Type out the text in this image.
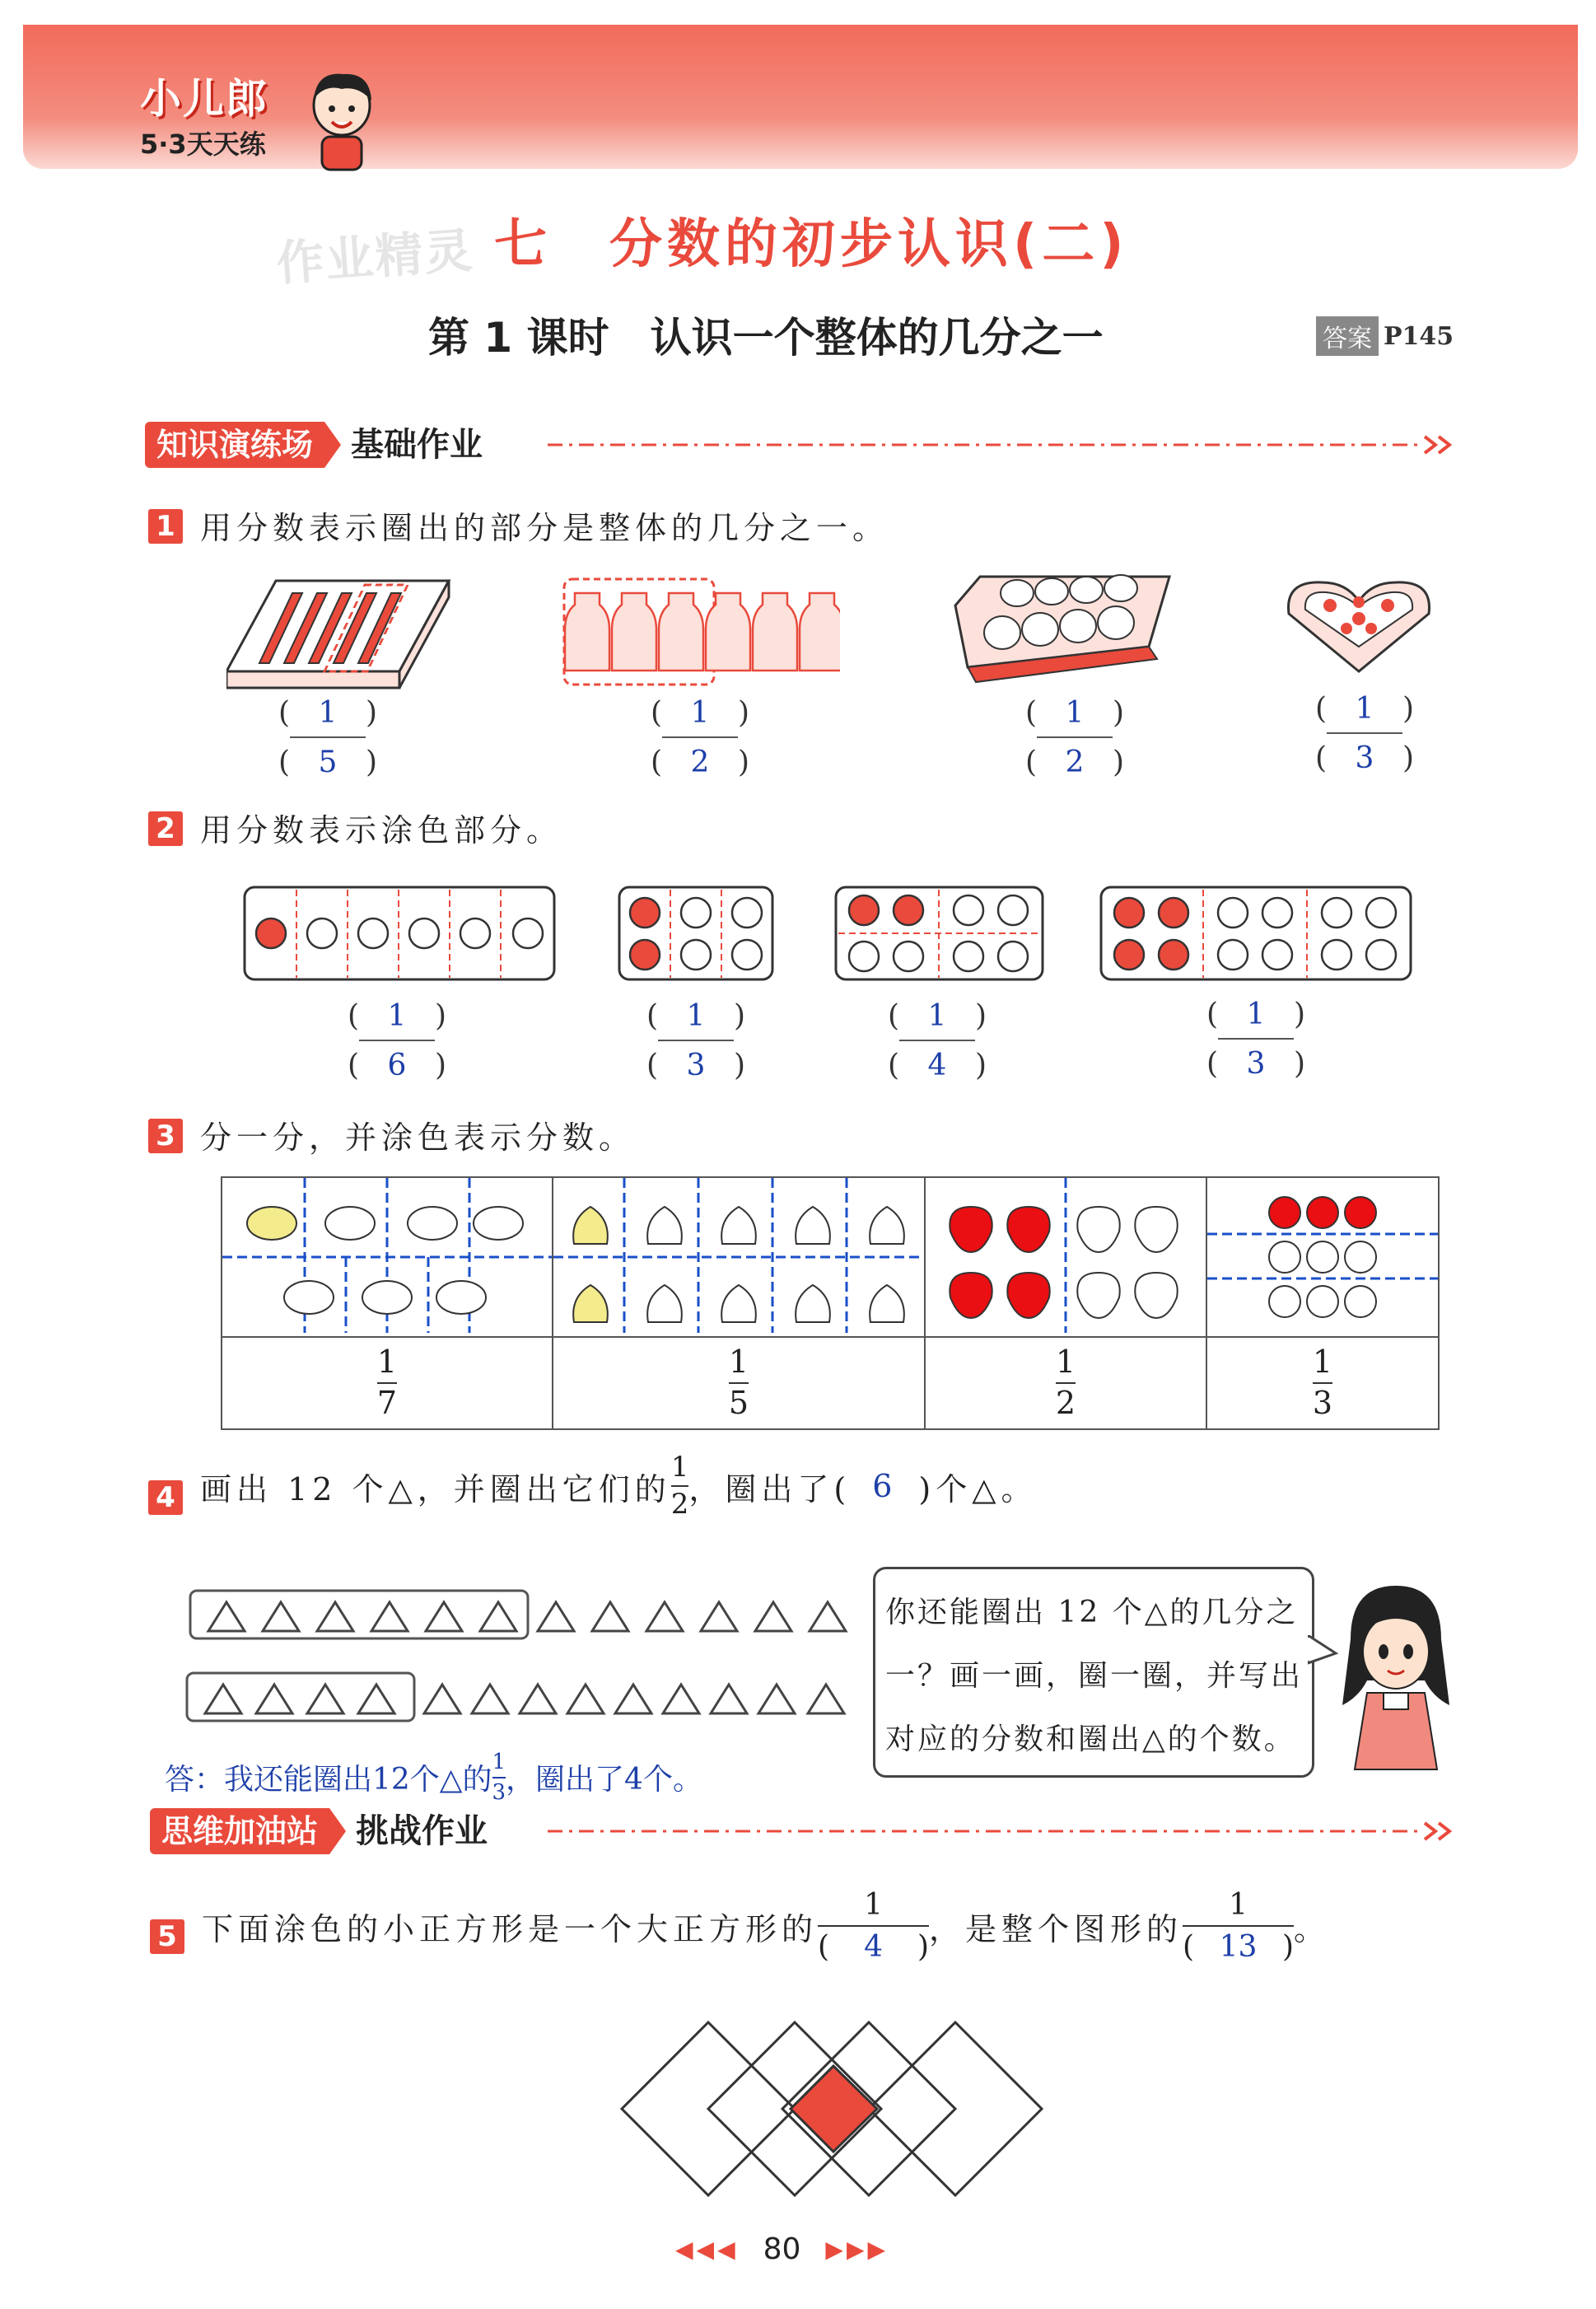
小儿郎
5·3天天练
作业精灵 七　分数的初步认识(二)
第 1 课时　认识一个整体的几分之一	答案 P145
知识演练场	基础作业
1 用分数表示圈出的部分是整体的几分之一。
( 1 )
( 5 )
( 1 )
( 2 )
( 1 )
( 2 )
( 1 )
( 3 )
2 用分数表示涂色部分。
( 1 )
( 6 )
( 1 )
( 3 )
( 1 )
( 4 )
( 1 )
( 3 )
3 分一分，并涂色表示分数。

$\frac{1}{7}$	$\frac{1}{5}$	$\frac{1}{2}$	$\frac{1}{3}$
4 画出 12 个△，并圈出它们的 $\frac{1}{2}$ ，圈出了( 6 )个△。
你还能圈出 12 个△的几分之一？画一画，圈一圈，并写出对应的分数和圈出△的个数。
答：我还能圈出12个△的 $\frac{1}{3}$ ，圈出了4个。
思维加油站	挑战作业
5 下面涂色的小正方形是一个大正方形的
1
( 4 ) ，是整个图形的
1
( 13 ) 。
◀◀◀ 80 ▶▶▶
